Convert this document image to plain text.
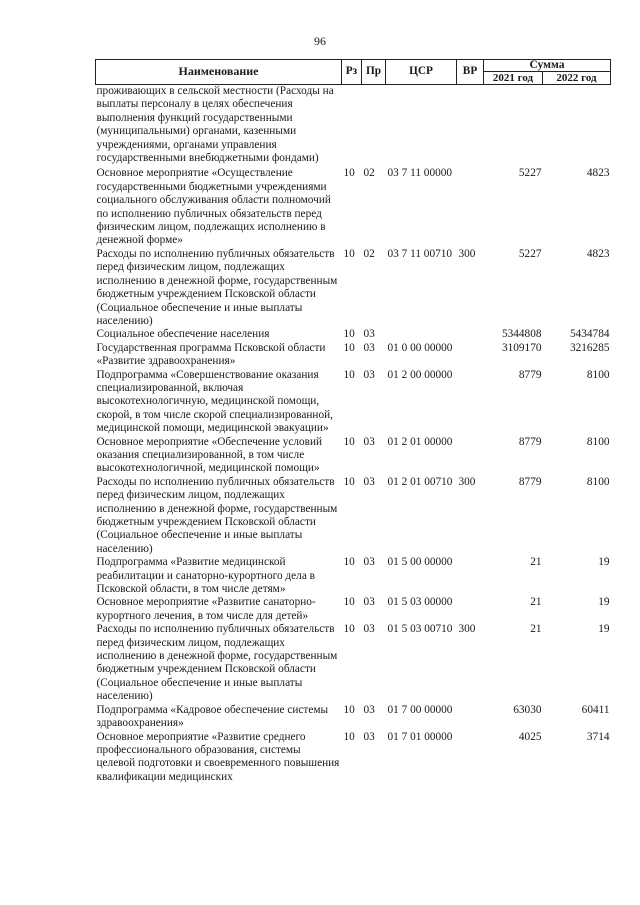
96
Наименование	Рз	Пр	ЦСР	ВР	Сумма	
					2021 год	2022 год
проживающих в сельской местности (Расходы на выплаты персоналу в целях обеспечения выполнения функций государственными (муниципальными) органами, казенными учреждениями, органами управления государственными внебюджетными фондами)						
Основное мероприятие «Осуществление государственными бюджетными учреждениями социального обслуживания области полномочий по исполнению публичных обязательств перед физическим лицом, подлежащих исполнению в денежной форме»	10	02	03 7 11 00000		5227	4823
Расходы по исполнению публичных обязательств перед физическим лицом, подлежащих исполнению в денежной форме, государственным бюджетным учреждением Псковской области (Социальное обеспечение и иные выплаты населению)	10	02	03 7 11 00710	300	5227	4823
Социальное обеспечение населения	10	03			5344808	5434784
Государственная программа Псковской области «Развитие здравоохранения»	10	03	01 0 00 00000		3109170	3216285
Подпрограмма «Совершенствование оказания специализированной, включая высокотехнологичную, медицинской помощи, скорой, в том числе скорой специализированной, медицинской помощи, медицинской эвакуации»	10	03	01 2 00 00000		8779	8100
Основное мероприятие «Обеспечение условий оказания специализированной, в том числе высокотехнологичной, медицинской помощи»	10	03	01 2 01 00000		8779	8100
Расходы по исполнению публичных обязательств перед физическим лицом, подлежащих исполнению в денежной форме, государственным бюджетным учреждением Псковской области (Социальное обеспечение и иные выплаты населению)	10	03	01 2 01 00710	300	8779	8100
Подпрограмма «Развитие медицинской реабилитации и санаторно-курортного дела в Псковской области, в том числе детям»	10	03	01 5 00 00000		21	19
Основное мероприятие «Развитие санаторно-курортного лечения, в том числе для детей»	10	03	01 5 03 00000		21	19
Расходы по исполнению публичных обязательств перед физическим лицом, подлежащих исполнению в денежной форме, государственным бюджетным учреждением Псковской области (Социальное обеспечение и иные выплаты населению)	10	03	01 5 03 00710	300	21	19
Подпрограмма «Кадровое обеспечение системы здравоохранения»	10	03	01 7 00 00000		63030	60411
Основное мероприятие «Развитие среднего профессионального образования, системы целевой подготовки и своевременного повышения квалификации медицинских	10	03	01 7 01 00000		4025	3714
